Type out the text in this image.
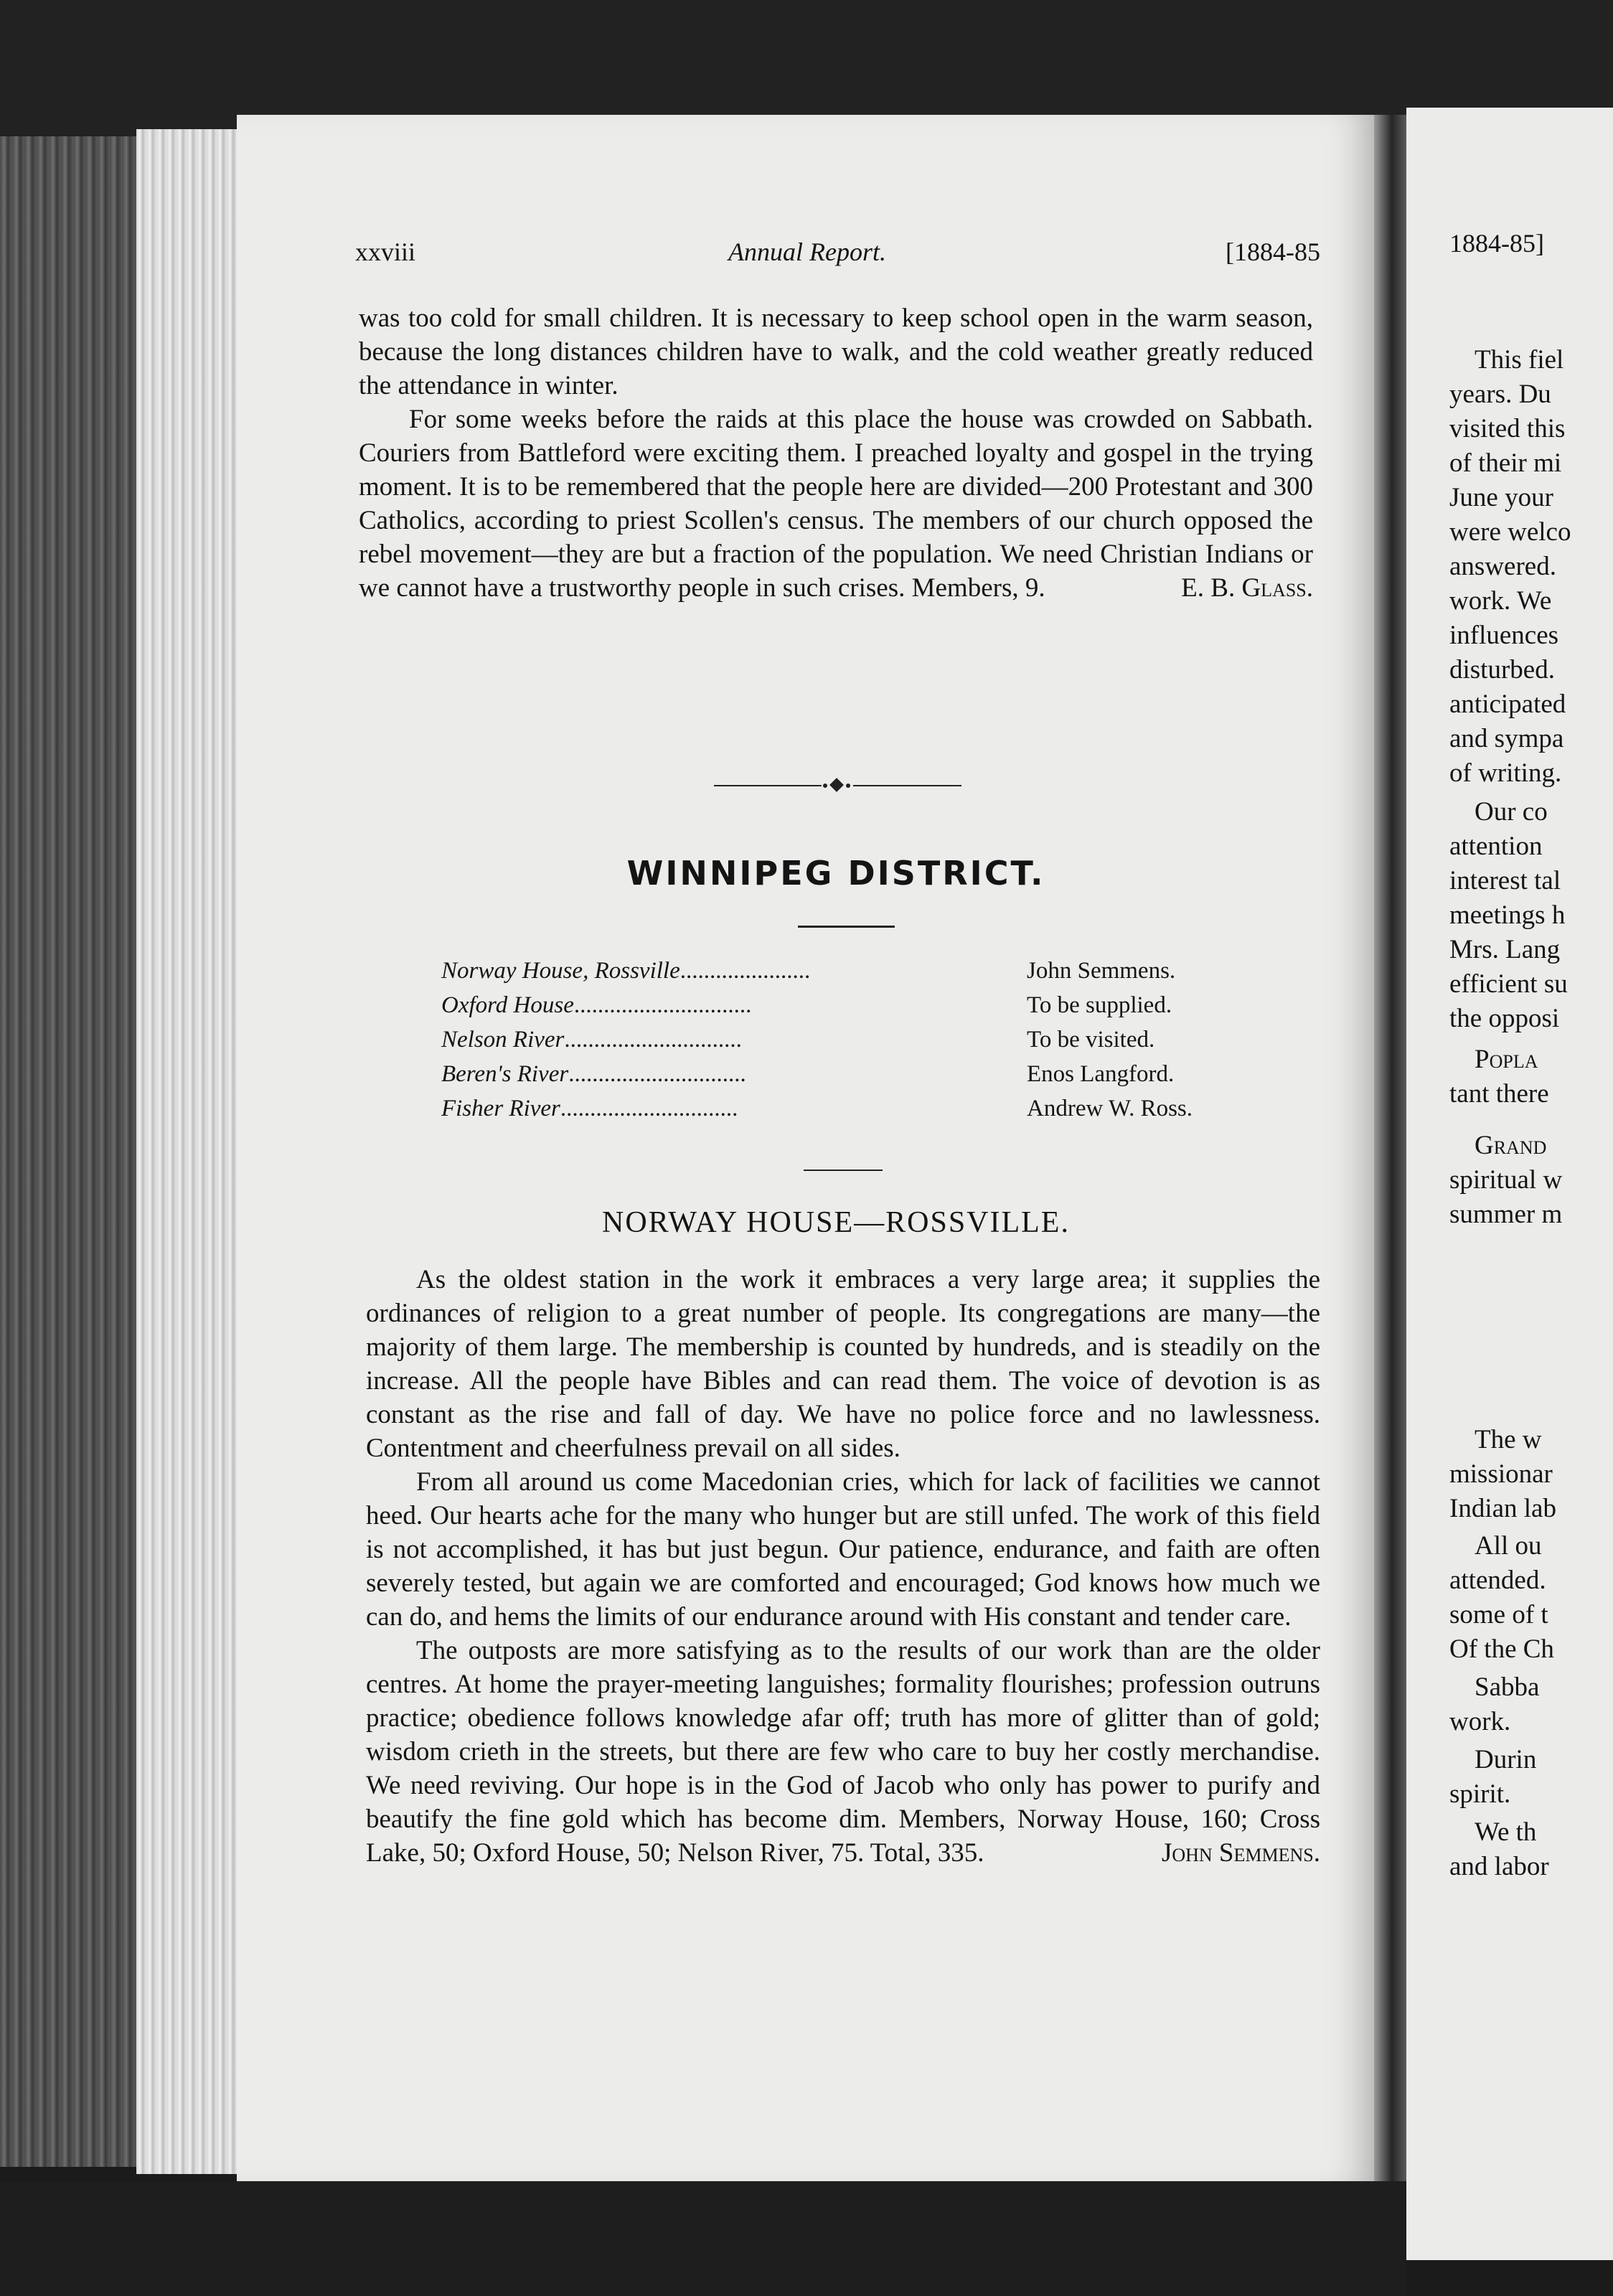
xxviii	Annual Report.	[1884-85

was too cold for small children. It is necessary to keep school open in the warm season, because the long distances children have to walk, and the cold weather greatly reduced the attendance in winter.

For some weeks before the raids at this place the house was crowded on Sabbath. Couriers from Battleford were exciting them. I preached loyalty and gospel in the trying moment. It is to be remembered that the people here are divided—200 Protestant and 300 Catholics, according to priest Scollen's census. The members of our church opposed the rebel movement—they are but a fraction of the population. We need Christian Indians or we cannot have a trustworthy people in such crises. Members, 9.	E. B. Glass.

WINNIPEG DISTRICT.
Norway House, Rossville......................	John Semmens.
Oxford House..............................	To be supplied.
Nelson River..............................	To be visited.
Beren's River..............................	Enos Langford.
Fisher River..............................	Andrew W. Ross.
NORWAY HOUSE—ROSSVILLE.

As the oldest station in the work it embraces a very large area; it supplies the ordinances of religion to a great number of people. Its congregations are many—the majority of them large. The membership is counted by hundreds, and is steadily on the increase. All the people have Bibles and can read them. The voice of devotion is as constant as the rise and fall of day. We have no police force and no lawlessness. Contentment and cheerfulness prevail on all sides.

From all around us come Macedonian cries, which for lack of facilities we cannot heed. Our hearts ache for the many who hunger but are still unfed. The work of this field is not accomplished, it has but just begun. Our patience, endurance, and faith are often severely tested, but again we are comforted and encouraged; God knows how much we can do, and hems the limits of our endurance around with His constant and tender care.

The outposts are more satisfying as to the results of our work than are the older centres. At home the prayer-meeting languishes; formality flourishes; profession outruns practice; obedience follows knowledge afar off; truth has more of glitter than of gold; wisdom crieth in the streets, but there are few who care to buy her costly merchandise. We need reviving. Our hope is in the God of Jacob who only has power to purify and beautify the fine gold which has become dim. Members, Norway House, 160; Cross Lake, 50; Oxford House, 50; Nelson River, 75. Total, 335.	John Semmens.

1884-85]
This fiel
years. Du
visited this
of their mi
June your
were welco
answered.
work. We
influences
disturbed.
anticipated
and sympa
of writing.
Our co
attention
interest tal
meetings h
Mrs. Lang
efficient su
the opposi
Popla
tant there
Grand
spiritual w
summer m
The w
missionar
Indian lab
All ou
attended.
some of t
Of the Ch
Sabba
work.
Durin
spirit.
We th
and labor
